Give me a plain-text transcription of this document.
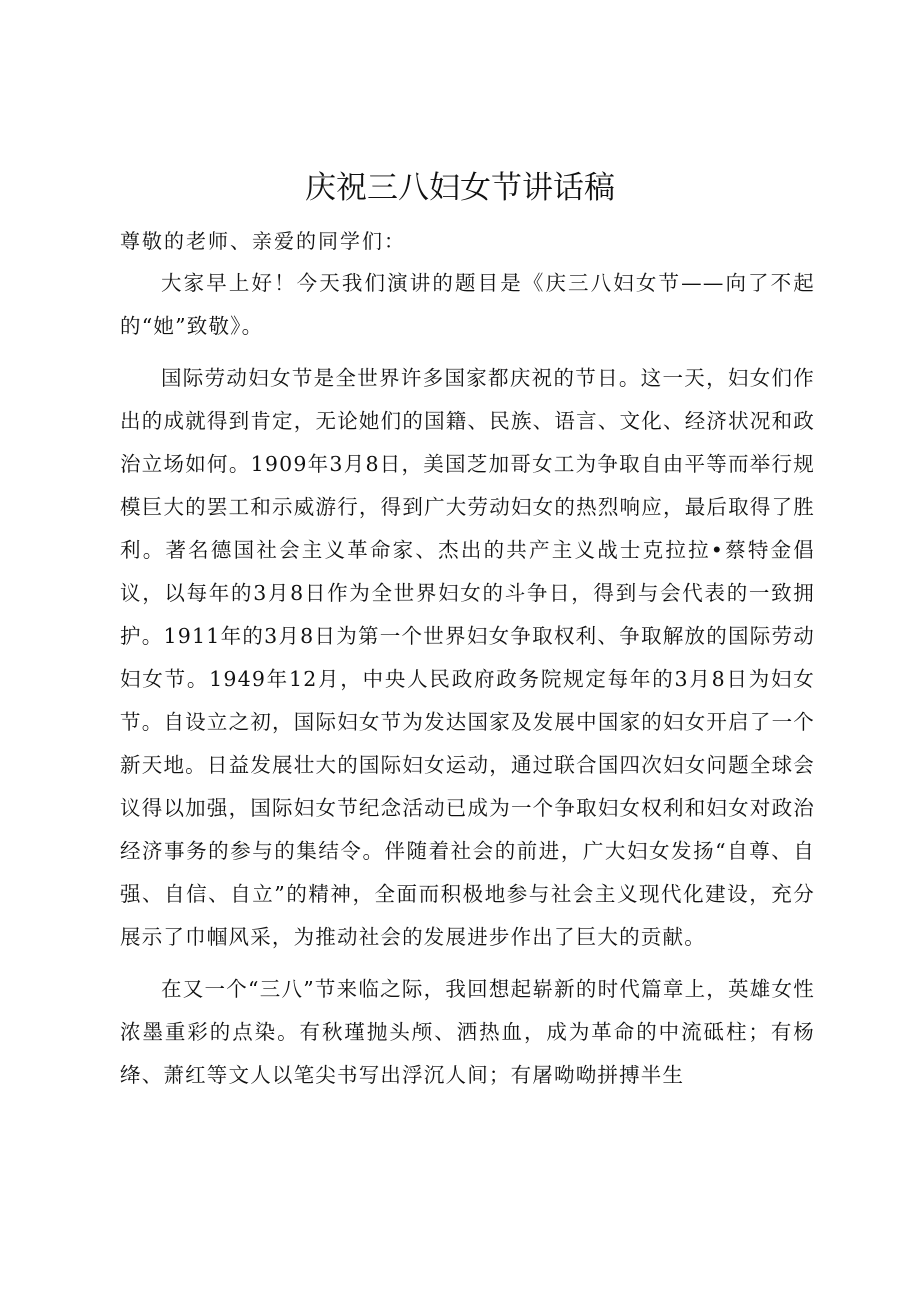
庆祝三八妇女节讲话稿

尊敬的老师、亲爱的同学们：

大家早上好！今天我们演讲的题目是《庆三八妇女节——向了不起的“她”致敬》。

国际劳动妇女节是全世界许多国家都庆祝的节日。这一天，妇女们作出的成就得到肯定，无论她们的国籍、民族、语言、文化、经济状况和政治立场如何。1909年3月8日，美国芝加哥女工为争取自由平等而举行规模巨大的罢工和示威游行，得到广大劳动妇女的热烈响应，最后取得了胜利。著名德国社会主义革命家、杰出的共产主义战士克拉拉•蔡特金倡议，以每年的3月8日作为全世界妇女的斗争日，得到与会代表的一致拥护。1911年的3月8日为第一个世界妇女争取权利、争取解放的国际劳动妇女节。1949年12月，中央人民政府政务院规定每年的3月8日为妇女节。自设立之初，国际妇女节为发达国家及发展中国家的妇女开启了一个新天地。日益发展壮大的国际妇女运动，通过联合国四次妇女问题全球会议得以加强，国际妇女节纪念活动已成为一个争取妇女权利和妇女对政治经济事务的参与的集结令。伴随着社会的前进，广大妇女发扬“自尊、自强、自信、自立”的精神，全面而积极地参与社会主义现代化建设，充分展示了巾帼风采，为推动社会的发展进步作出了巨大的贡献。

在又一个“三八”节来临之际，我回想起崭新的时代篇章上，英雄女性浓墨重彩的点染。有秋瑾抛头颅、洒热血，成为革命的中流砥柱；有杨绛、萧红等文人以笔尖书写出浮沉人间；有屠呦呦拼搏半生
